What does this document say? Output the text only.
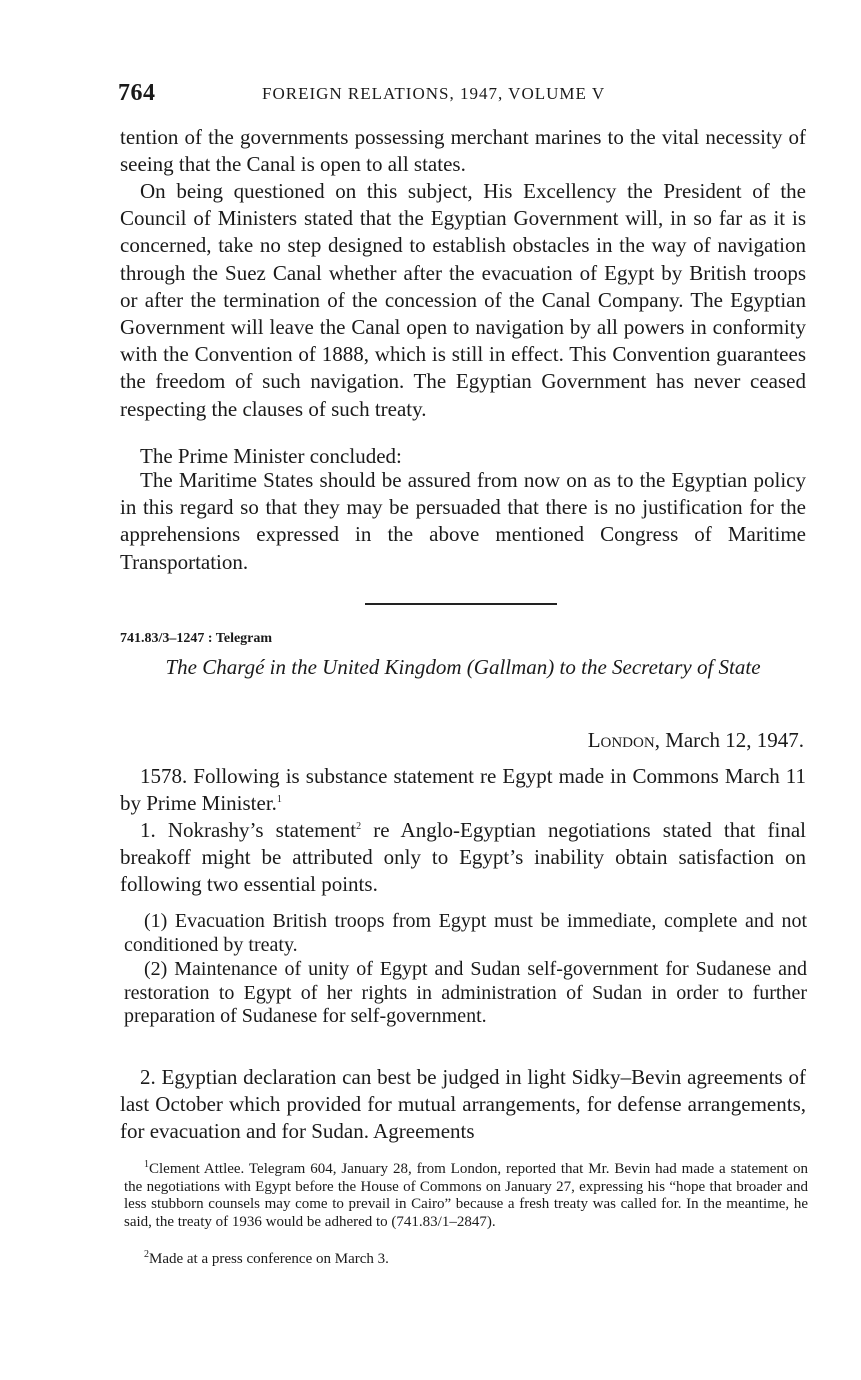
764	FOREIGN RELATIONS, 1947, VOLUME V

tention of the governments possessing merchant marines to the vital necessity of seeing that the Canal is open to all states.

On being questioned on this subject, His Excellency the President of the Council of Ministers stated that the Egyptian Government will, in so far as it is concerned, take no step designed to establish obstacles in the way of navigation through the Suez Canal whether after the evacuation of Egypt by British troops or after the termination of the concession of the Canal Company. The Egyptian Government will leave the Canal open to navigation by all powers in conformity with the Convention of 1888, which is still in effect. This Convention guarantees the freedom of such navigation. The Egyptian Government has never ceased respecting the clauses of such treaty.

The Prime Minister concluded:

The Maritime States should be assured from now on as to the Egyptian policy in this regard so that they may be persuaded that there is no justification for the apprehensions expressed in the above mentioned Congress of Maritime Transportation.

741.83/3–1247 : Telegram

The Chargé in the United Kingdom (Gallman) to the Secretary of State

London, March 12, 1947.

1578. Following is substance statement re Egypt made in Commons March 11 by Prime Minister.$^1$

1. Nokrashy’s statement$^2$ re Anglo-Egyptian negotiations stated that final breakoff might be attributed only to Egypt’s inability obtain satisfaction on following two essential points.

(1) Evacuation British troops from Egypt must be immediate, complete and not conditioned by treaty.

(2) Maintenance of unity of Egypt and Sudan self-government for Sudanese and restoration to Egypt of her rights in administration of Sudan in order to further preparation of Sudanese for self-government.

2. Egyptian declaration can best be judged in light Sidky–Bevin agreements of last October which provided for mutual arrangements, for defense arrangements, for evacuation and for Sudan. Agreements

$^1$Clement Attlee. Telegram 604, January 28, from London, reported that Mr. Bevin had made a statement on the negotiations with Egypt before the House of Commons on January 27, expressing his “hope that broader and less stubborn counsels may come to prevail in Cairo” because a fresh treaty was called for. In the meantime, he said, the treaty of 1936 would be adhered to (741.83/1–2847).

$^2$Made at a press conference on March 3.
